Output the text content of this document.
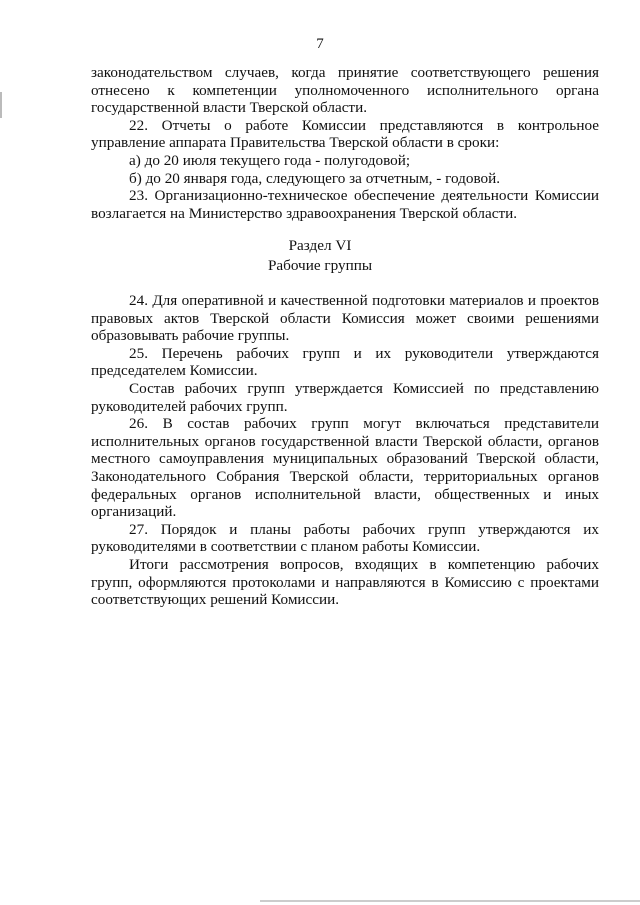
7

законодательством случаев, когда принятие соответствующего решения отнесено к компетенции уполномоченного исполнительного органа государственной власти Тверской области.

22. Отчеты о работе Комиссии представляются в контрольное управление аппарата Правительства Тверской области в сроки:

а) до 20 июля текущего года - полугодовой;

б) до 20 января года, следующего за отчетным, - годовой.

23. Организационно-техническое обеспечение деятельности Комиссии возлагается на Министерство здравоохранения Тверской области.

Раздел VI
Рабочие группы

24. Для оперативной и качественной подготовки материалов и проектов правовых актов Тверской области Комиссия может своими решениями образовывать рабочие группы.

25. Перечень рабочих групп и их руководители утверждаются председателем Комиссии.

Состав рабочих групп утверждается Комиссией по представлению руководителей рабочих групп.

26. В состав рабочих групп могут включаться представители исполнительных органов государственной власти Тверской области, органов местного самоуправления муниципальных образований Тверской области, Законодательного Собрания Тверской области, территориальных органов федеральных органов исполнительной власти, общественных и иных организаций.

27. Порядок и планы работы рабочих групп утверждаются их руководителями в соответствии с планом работы Комиссии.

Итоги рассмотрения вопросов, входящих в компетенцию рабочих групп, оформляются протоколами и направляются в Комиссию с проектами соответствующих решений Комиссии.
